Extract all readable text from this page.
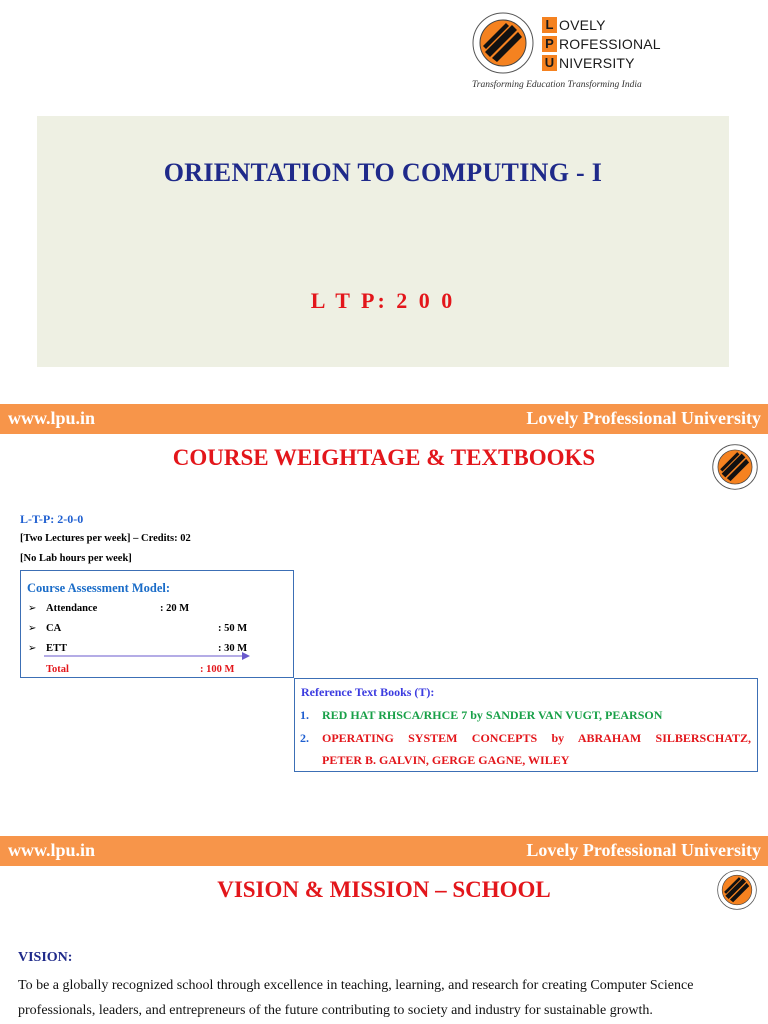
L OVELY
P ROFESSIONAL
U NIVERSITY
Transforming Education Transforming India
ORIENTATION TO COMPUTING - I
L T P: 2 0 0
www.lpu.in	Lovely Professional University
COURSE WEIGHTAGE & TEXTBOOKS
L-T-P: 2-0-0
[Two Lectures per week] – Credits: 02
[No Lab hours per week]
Course Assessment Model:
➢ Attendance	: 20 M
➢ CA	: 50 M
➢ ETT	: 30 M
Total	: 100 M
Reference Text Books (T):
1. RED HAT RHSCA/RHCE 7 by SANDER VAN VUGT, PEARSON
2. OPERATING SYSTEM CONCEPTS by ABRAHAM SILBERSCHATZ,
PETER B. GALVIN, GERGE GAGNE, WILEY
www.lpu.in	Lovely Professional University
VISION & MISSION – SCHOOL
VISION:
To be a globally recognized school through excellence in teaching, learning, and research for creating Computer Science professionals, leaders, and entrepreneurs of the future contributing to society and industry for sustainable growth.
